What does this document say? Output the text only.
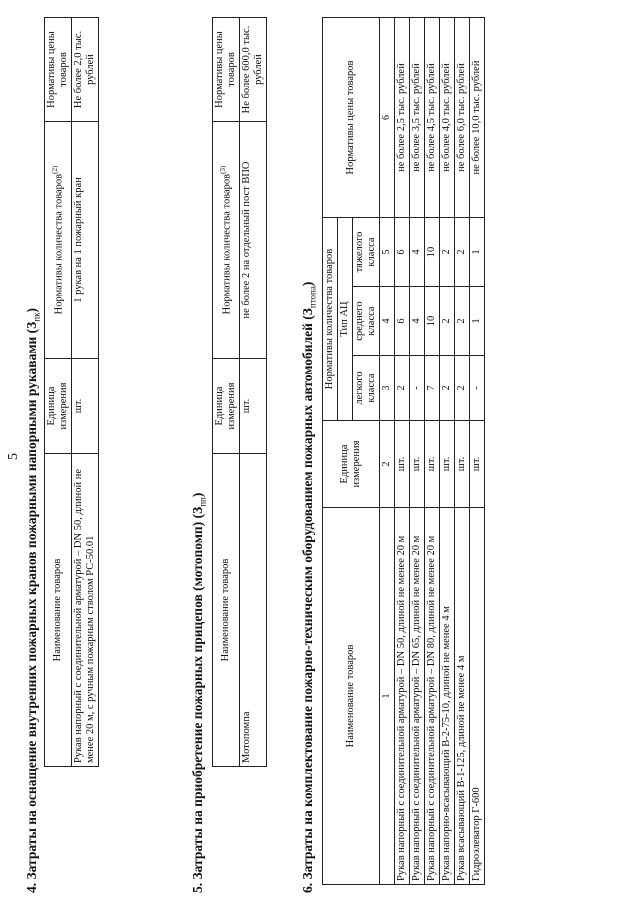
5 4. Затраты на оснащение внутренних пожарных кранов пожарными напорными рукавами $(З_{пк})$
Наименование товаров	Единица измерения	Нормативы количества товаров$^{(2)}$	Нормативы цены товаров
Рукав напорный с соединительной арматурой – DN 50, длиной не менее 20 м, с ручным пожарным стволом РС-50.01	шт.	1 рукав на 1 пожарный кран	Не более 2,0 тыс. рублей
5. Затраты на приобретение пожарных прицепов (мотопомп) $(З_{пп})$
Наименование товаров	Единица измерения	Нормативы количества товаров$^{(3)}$	Нормативы цены товаров
Мотопомпа	шт.	не более 2 на отдельный пост ВПО	Не более 600,0 тыс. рублей
6. Затраты на комплектование пожарно-техническим оборудованием пожарных автомобилей $(З_{птопа})$
Наименование товаров	Единица измерения	Нормативы количества товаров			Нормативы цены товаров
		Тип АЦ			
		легкого класса	среднего класса	тяжелого класса	
1	2	3	4	5	6
Рукав напорный с соединительной арматурой – DN 50, длиной не менее 20 м	шт.	2	6	6	не более 2,5 тыс. рублей
Рукав напорный с соединительной арматурой – DN 65, длиной не менее 20 м	шт.	-	4	4	не более 3,5 тыс. рублей
Рукав напорный с соединительной арматурой – DN 80, длиной не менее 20 м	шт.	7	10	10	не более 4,5 тыс. рублей
Рукав напорно-всасывающий В-2-75-10, длиной не менее 4 м	шт.	2	2	2	не более 4,0 тыс. рублей
Рукав всасывающий В-1-125, длиной не менее 4 м	шт.	2	2	2	не более 6,0 тыс. рублей
Гидроэлеватор Г-600	шт.	-	1	1	не более 10,0 тыс. рублей
